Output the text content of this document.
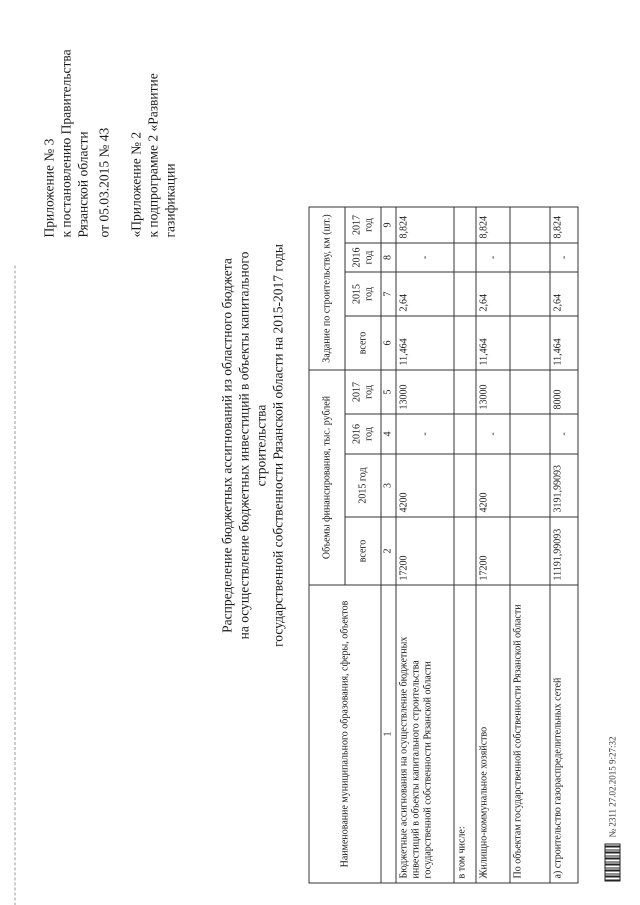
Приложение № 3 к постановлению Правительства Рязанской области от 05.03.2015 № 43 «Приложение № 2 к подпрограмме 2 «Развитие газификации
Распределение бюджетных ассигнований из областного бюджета на осуществление бюджетных инвестиций в объекты капитального строительства государственной собственности Рязанской области на 2015-2017 годы
Наименование муниципального образования, сферы, объектов	Объемы финансирования, тыс. рублей				Задание по строительству, км (шт.)			
	всего	2015 год	2016 год	2017 год	всего	2015 год	2016 год	2017 год
1	2	3	4	5	6	7	8	9
Бюджетные ассигнования на осуществление бюджетных инвестиций в объекты капитального строительства государственной собственности Рязанской области	17200	4200	-	13000	11,464	2,64	-	8,824
в том числе:								
Жилищно-коммунальное хозяйство	17200	4200	-	13000	11,464	2,64	-	8,824
По объектам государственной собственности Рязанской области								
а) строительство газораспределительных сетей	11191,99093	3191,99093	-	8000	11,464	2,64	-	8,824
№ 2311 27.02.2015 9:27:32
